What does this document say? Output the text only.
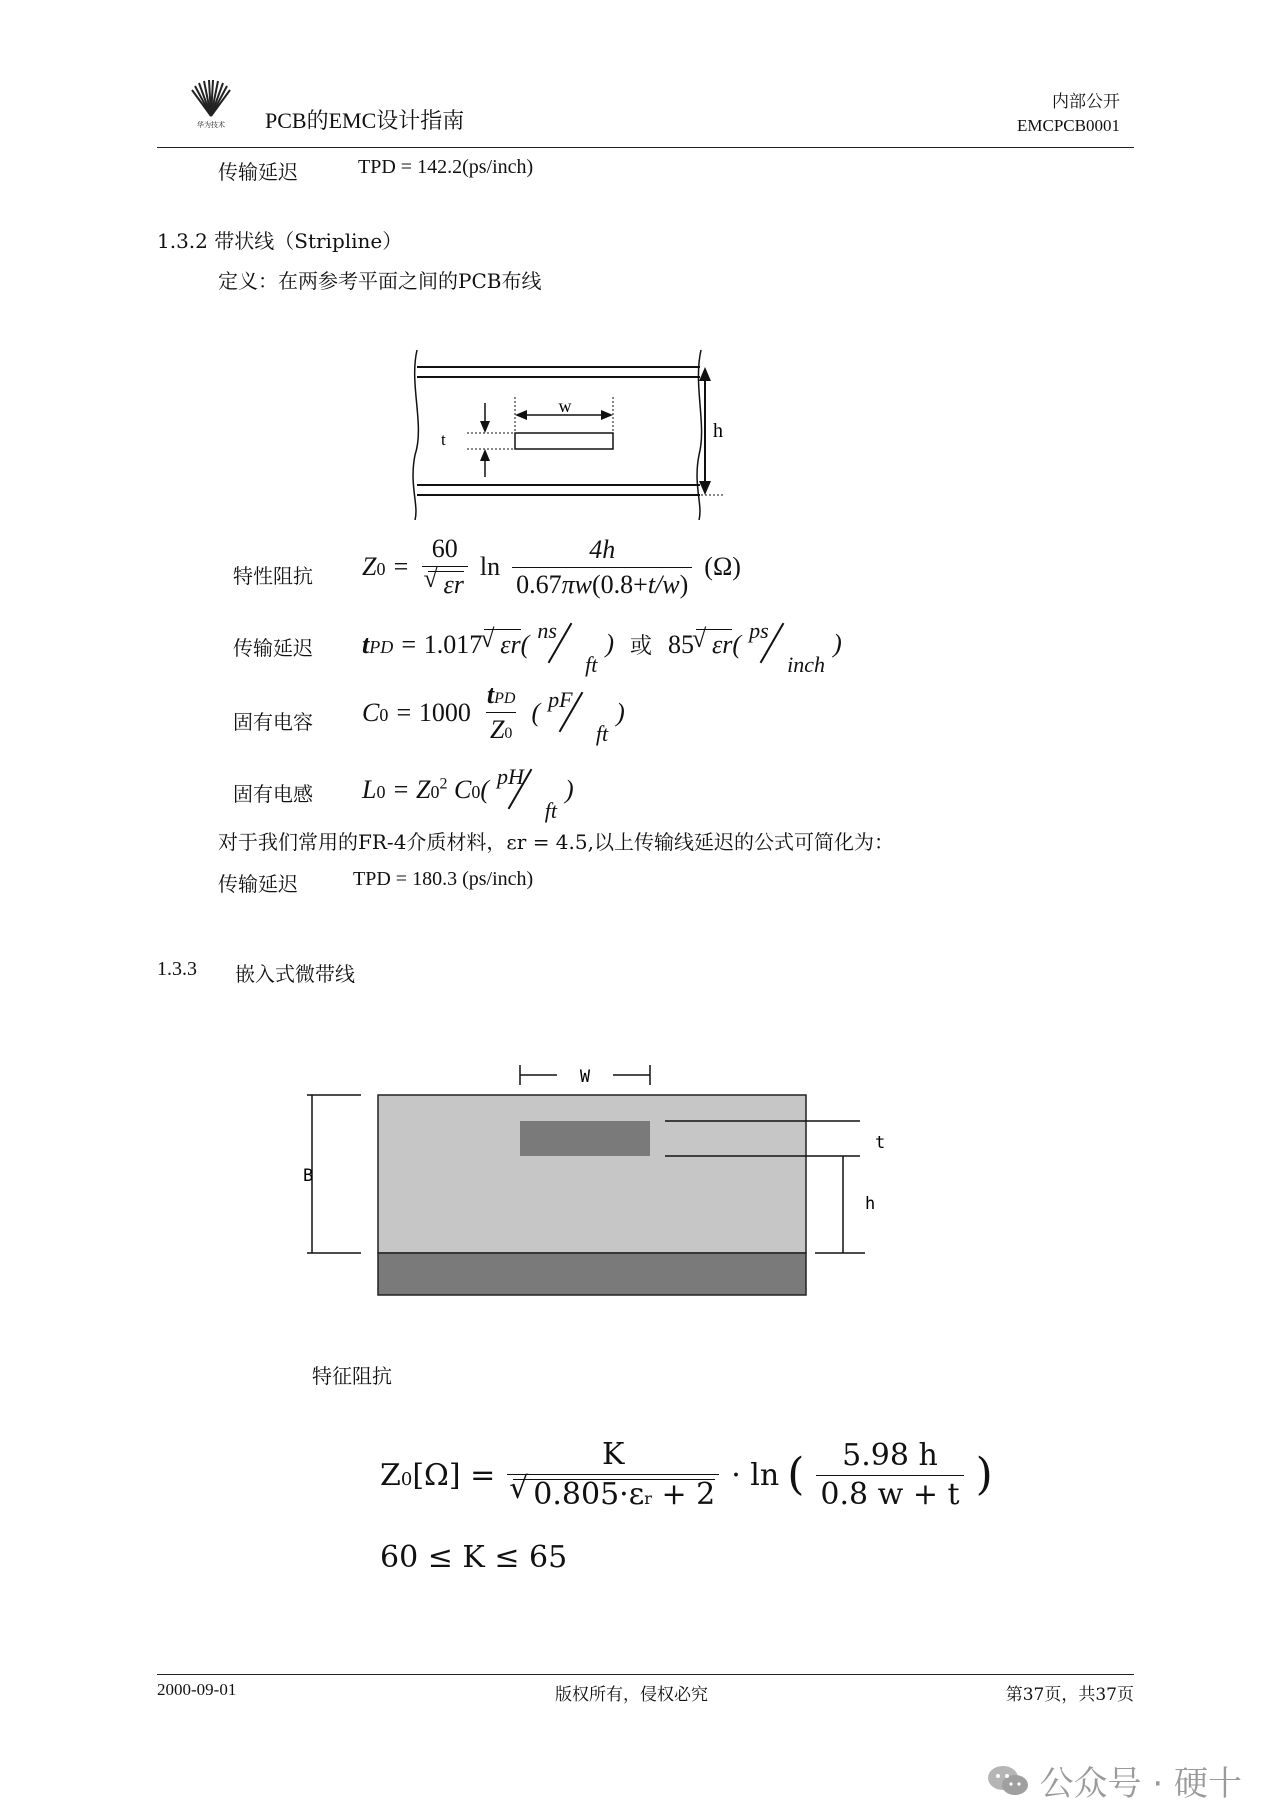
华为技术 PCB的EMC设计指南
内部公开
EMCPCB0001
传输延迟	TPD = 142.2(ps/inch)
1.3.2 带状线（Stripline）
定义：在两参考平面之间的PCB布线
w
t	h
特性阻抗 Z0 = 60
√ εr $\ln \frac{4h}{0.67\pi w(0.8+t/w)} (\Omega)$
传输延迟 tPD = 1.017 √ εr( ns
ft
) 或 85 √ εr( ps
inch
)
固有电容 $C0 = 1000 \frac{\text{tPD}}{Z0}$ ( pF
ft
)
固有电感 $L0 = Z0^2$ C0( pH
ft
)
对于我们常用的FR-4介质材料，εr = 4.5,以上传输线延迟的公式可简化为：
传输延迟	TPD = 180.3 (ps/inch)
1.3.3 嵌入式微带线
W
t
h
B
特征阻抗
Z0[Ω] = K
√ 0.805·εr + 2 · ln ( $\frac{5.98 h}{0.8 w + t}$ )
60 ≤ K ≤ 65
2000-09-01	版权所有，侵权必究	第37页，共37页
公众号 · 硬十
